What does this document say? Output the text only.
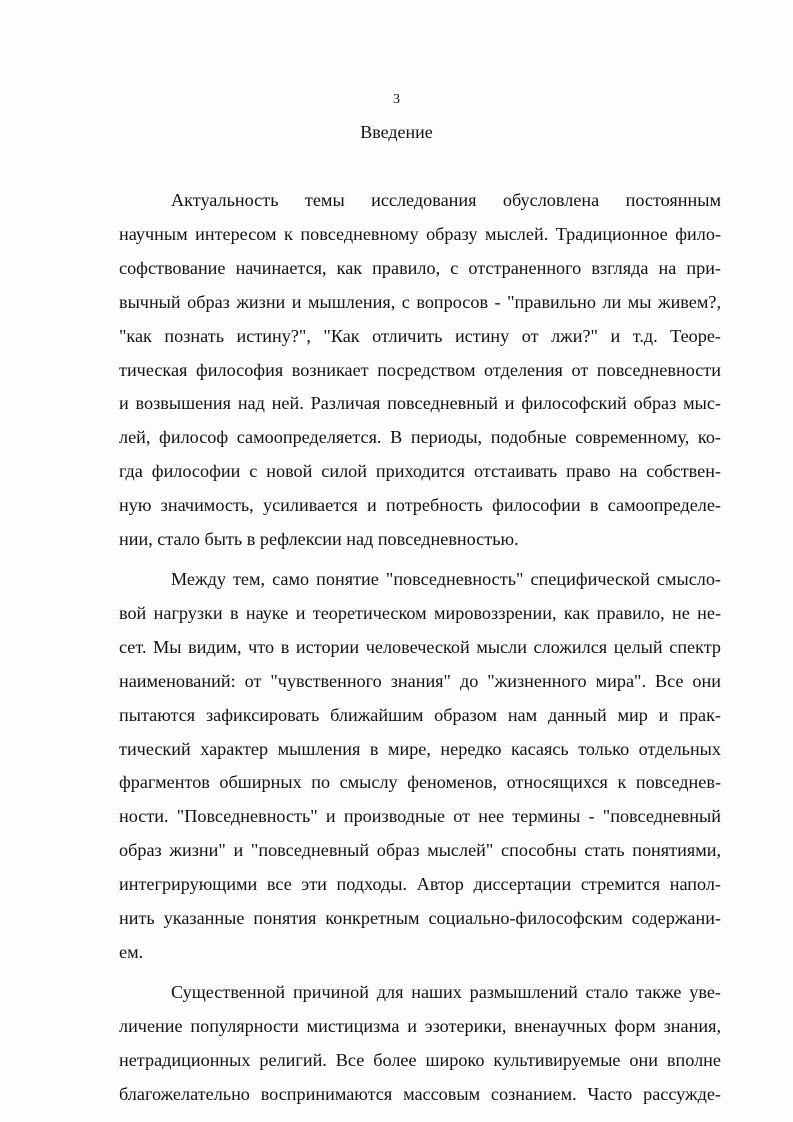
3

Введение
Актуальность темы исследования обусловлена постоянным
научным интересом к повседневному образу мыслей. Традиционное фило-
софствование начинается, как правило, с отстраненного взгляда на при-
вычный образ жизни и мышления, с вопросов - "правильно ли мы живем?,
"как познать истину?", "Как отличить истину от лжи?" и т.д. Теоре-
тическая философия возникает посредством отделения от повседневности
и возвышения над ней. Различая повседневный и философский образ мыс-
лей, философ самоопределяется. В периоды, подобные современному, ко-
гда философии с новой силой приходится отстаивать право на собствен-
ную значимость, усиливается и потребность философии в самоопределе-
нии, стало быть в рефлексии над повседневностью.
Между тем, само понятие "повседневность" специфической смысло-
вой нагрузки в науке и теоретическом мировоззрении, как правило, не не-
сет. Мы видим, что в истории человеческой мысли сложился целый спектр
наименований: от "чувственного знания" до "жизненного мира". Все они
пытаются зафиксировать ближайшим образом нам данный мир и прак-
тический характер мышления в мире, нередко касаясь только отдельных
фрагментов обширных по смыслу феноменов, относящихся к повседнев-
ности. "Повседневность" и производные от нее термины - "повседневный
образ жизни" и "повседневный образ мыслей" способны стать понятиями,
интегрирующими все эти подходы. Автор диссертации стремится напол-
нить указанные понятия конкретным социально-философским содержани-
ем.
Существенной причиной для наших размышлений стало также уве-
личение популярности мистицизма и эзотерики, вненаучных форм знания,
нетрадиционных религий. Все более широко культивируемые они вполне
благожелательно воспринимаются массовым сознанием. Часто рассужде-
